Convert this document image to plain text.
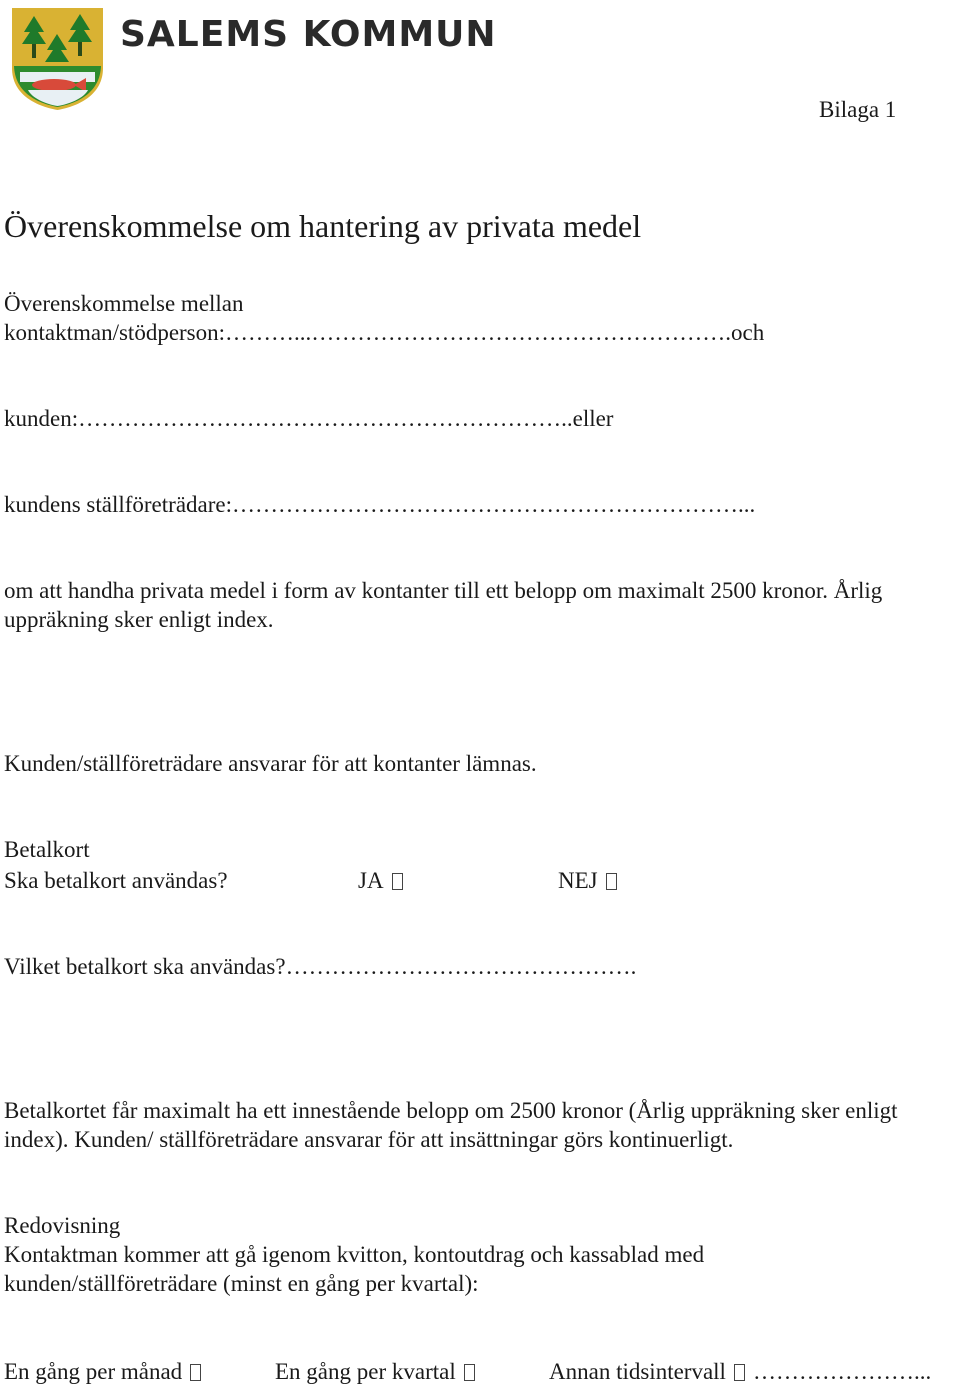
SALEMS KOMMUN
Bilaga 1
Överenskommelse om hantering av privata medel
Överenskommelse mellan
kontaktman/stödperson:………...……………………………………………….och
kunden:………………………………………………………..eller
kundens ställföreträdare:…………………………………………………………...
om att handha privata medel i form av kontanter till ett belopp om maximalt 2500 kronor. Årlig uppräkning sker enligt index.
Kunden/ställföreträdare ansvarar för att kontanter lämnas.
Betalkort
Ska betalkort användas?	JA	NEJ
Vilket betalkort ska användas?……………………………………….
Betalkortet får maximalt ha ett innestående belopp om 2500 kronor (Årlig uppräkning sker enligt index). Kunden/ ställföreträdare ansvarar för att insättningar görs kontinuerligt.
Redovisning
Kontaktman kommer att gå igenom kvitton, kontoutdrag och kassablad med
kunden/ställföreträdare (minst en gång per kvartal):
En gång per månad	En gång per kvartal	Annan tidsintervall …………………...
